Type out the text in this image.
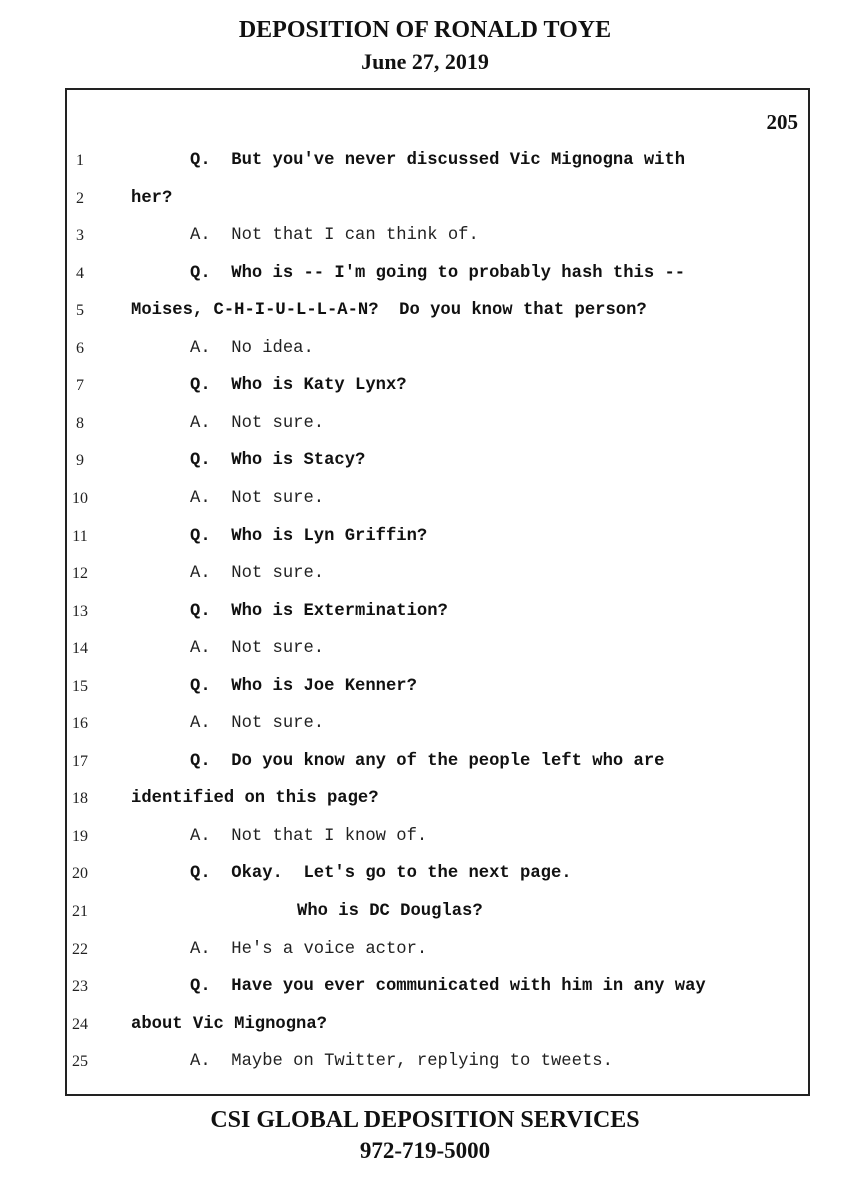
DEPOSITION OF RONALD TOYE
June 27, 2019
205
1	Q.  But you've never discussed Vic Mignogna with
2	her?
3	A.  Not that I can think of.
4	Q.  Who is -- I'm going to probably hash this --
5	Moises, C-H-I-U-L-L-A-N?  Do you know that person?
6	A.  No idea.
7	Q.  Who is Katy Lynx?
8	A.  Not sure.
9	Q.  Who is Stacy?
10	A.  Not sure.
11	Q.  Who is Lyn Griffin?
12	A.  Not sure.
13	Q.  Who is Extermination?
14	A.  Not sure.
15	Q.  Who is Joe Kenner?
16	A.  Not sure.
17	Q.  Do you know any of the people left who are
18	identified on this page?
19	A.  Not that I know of.
20	Q.  Okay.  Let's go to the next page.
21	Who is DC Douglas?
22	A.  He's a voice actor.
23	Q.  Have you ever communicated with him in any way
24	about Vic Mignogna?
25	A.  Maybe on Twitter, replying to tweets.
CSI GLOBAL DEPOSITION SERVICES
972-719-5000
